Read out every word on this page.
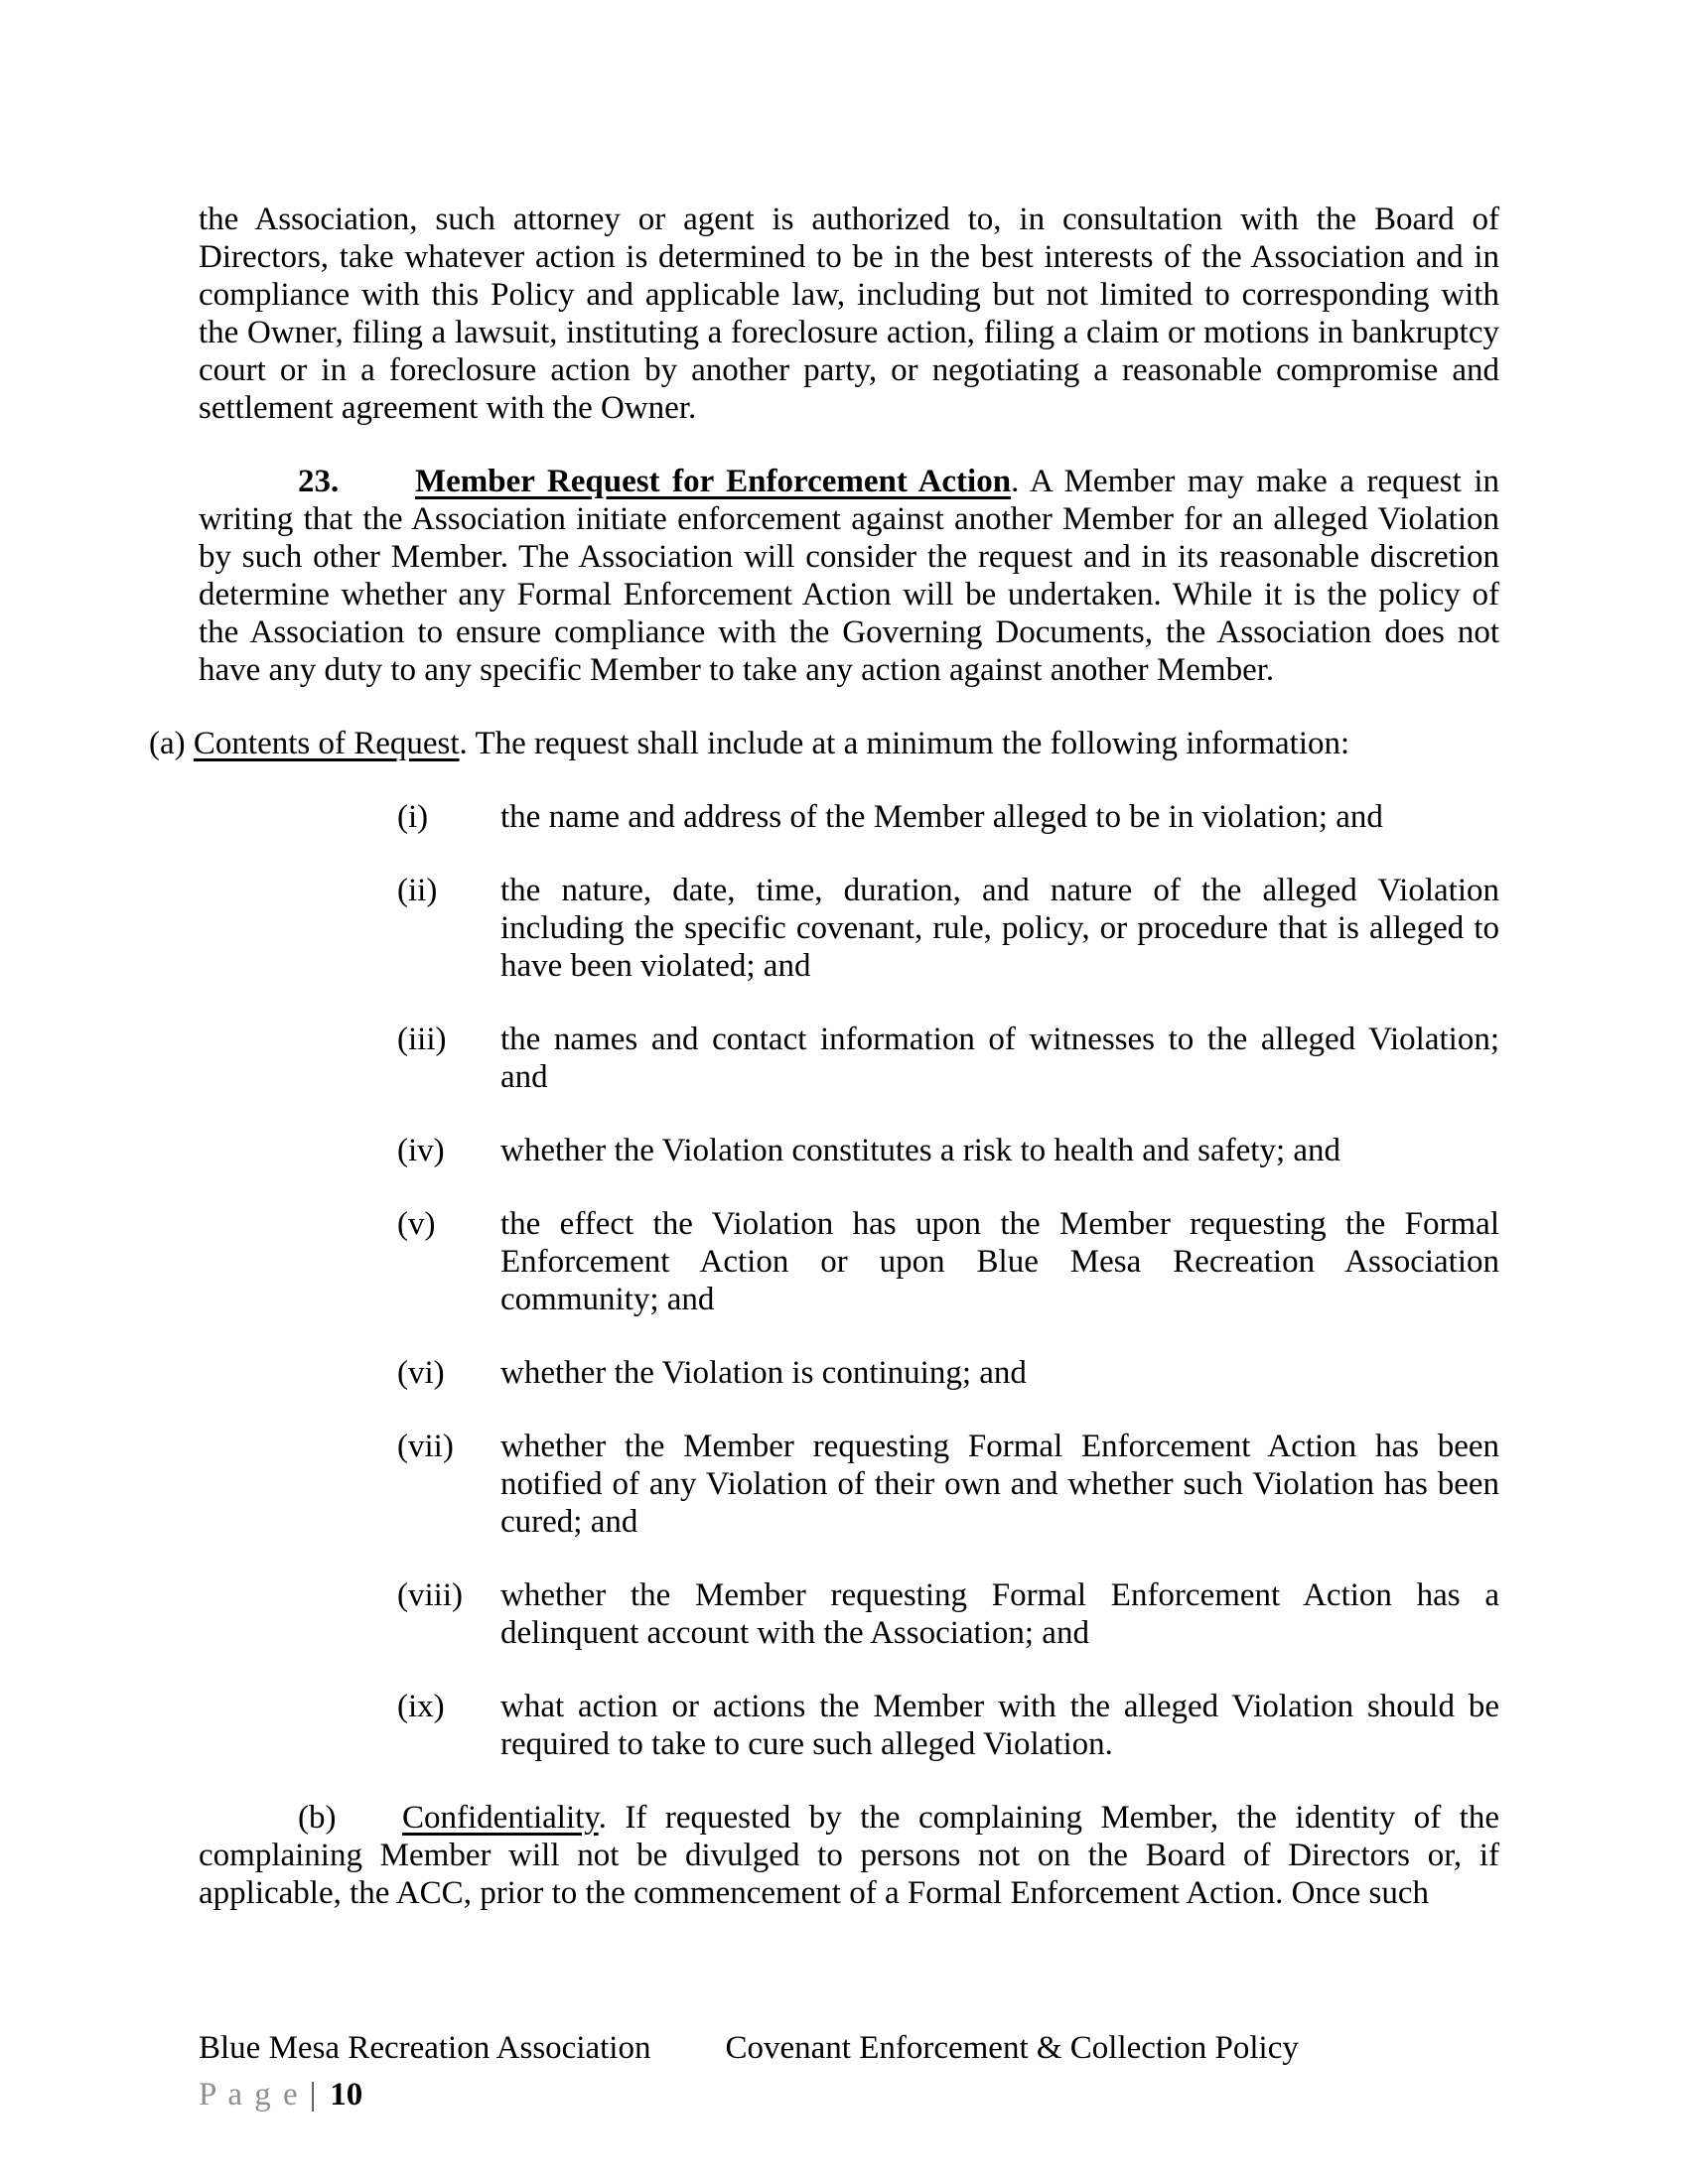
the Association, such attorney or agent is authorized to, in consultation with the Board of Directors, take whatever action is determined to be in the best interests of the Association and in compliance with this Policy and applicable law, including but not limited to corresponding with the Owner, filing a lawsuit, instituting a foreclosure action, filing a claim or motions in bankruptcy court or in a foreclosure action by another party, or negotiating a reasonable compromise and settlement agreement with the Owner.

23. Member Request for Enforcement Action. A Member may make a request in writing that the Association initiate enforcement against another Member for an alleged Violation by such other Member. The Association will consider the request and in its reasonable discretion determine whether any Formal Enforcement Action will be undertaken. While it is the policy of the Association to ensure compliance with the Governing Documents, the Association does not have any duty to any specific Member to take any action against another Member.

(a) Contents of Request. The request shall include at a minimum the following information:

(i)	the name and address of the Member alleged to be in violation; and
(ii)	the nature, date, time, duration, and nature of the alleged Violation including the specific covenant, rule, policy, or procedure that is alleged to have been violated; and
(iii)	the names and contact information of witnesses to the alleged Violation; and
(iv)	whether the Violation constitutes a risk to health and safety; and
(v)	the effect the Violation has upon the Member requesting the Formal Enforcement Action or upon Blue Mesa Recreation Association community; and
(vi)	whether the Violation is continuing; and
(vii)	whether the Member requesting Formal Enforcement Action has been notified of any Violation of their own and whether such Violation has been cured; and
(viii)	whether the Member requesting Formal Enforcement Action has a delinquent account with the Association; and
(ix)	what action or actions the Member with the alleged Violation should be required to take to cure such alleged Violation.

(b) Confidentiality. If requested by the complaining Member, the identity of the complaining Member will not be divulged to persons not on the Board of Directors or, if applicable, the ACC, prior to the commencement of a Formal Enforcement Action. Once such

Blue Mesa Recreation Association Covenant Enforcement & Collection Policy
P a g e | 10
